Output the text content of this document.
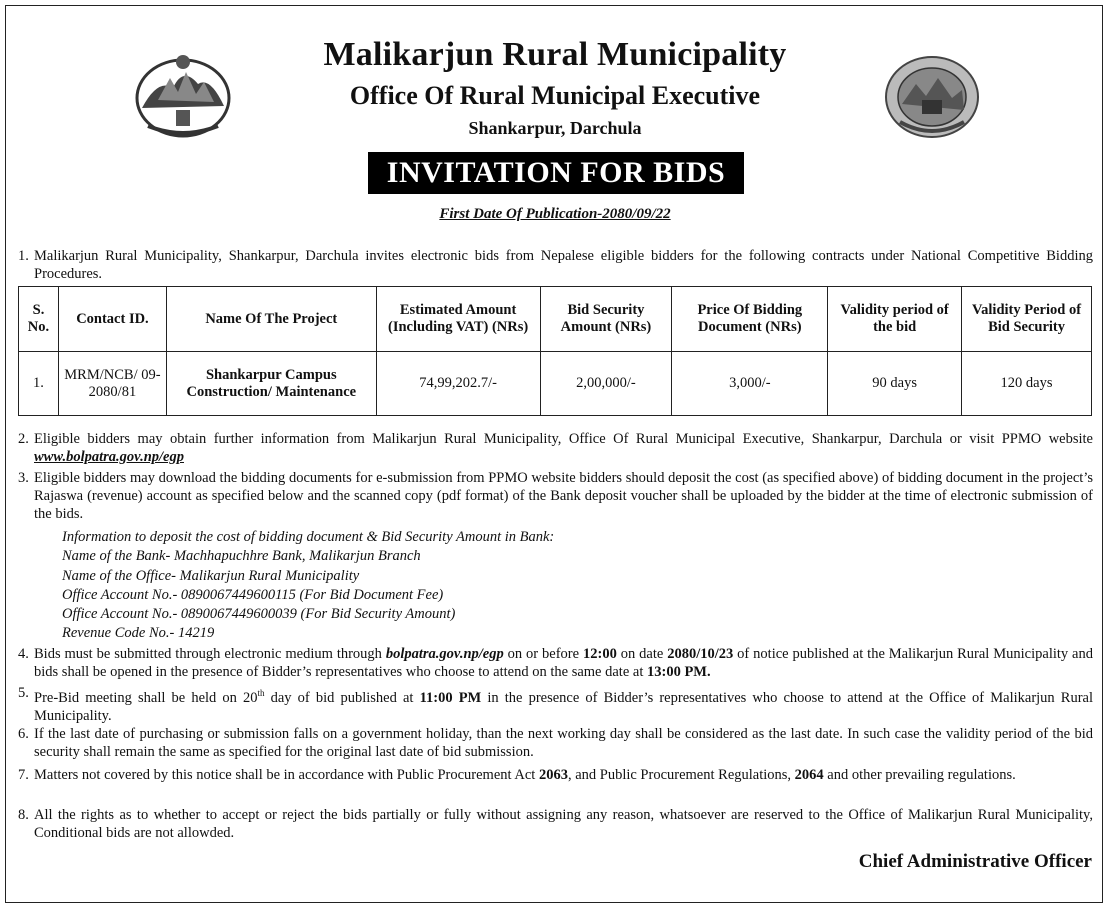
Malikarjun Rural Municipality
Office Of Rural Municipal Executive
Shankarpur, Darchula
INVITATION FOR BIDS
First Date Of Publication-2080/09/22
1. Malikarjun Rural Municipality, Shankarpur, Darchula invites electronic bids from Nepalese eligible bidders for the following contracts under National Competitive Bidding Procedures.
S. No.	Contact ID.	Name Of The Project	Estimated Amount (Including VAT) (NRs)	Bid Security Amount (NRs)	Price Of Bidding Document (NRs)	Validity period of the bid	Validity Period of Bid Security
1.	MRM/NCB/ 09-2080/81	Shankarpur Campus Construction/ Maintenance	74,99,202.7/-	2,00,000/-	3,000/-	90 days	120 days
2. Eligible bidders may obtain further information from Malikarjun Rural Municipality, Office Of Rural Municipal Executive, Shankarpur, Darchula or visit PPMO website www.bolpatra.gov.np/egp
3. Eligible bidders may download the bidding documents for e-submission from PPMO website bidders should deposit the cost (as specified above) of bidding document in the project’s Rajaswa (revenue) account as specified below and the scanned copy (pdf format) of the Bank deposit voucher shall be uploaded by the bidder at the time of electronic submission of the bids.
Information to deposit the cost of bidding document & Bid Security Amount in Bank:
Name of the Bank- Machhapuchhre Bank, Malikarjun Branch
Name of the Office- Malikarjun Rural Municipality
Office Account No.- 0890067449600115 (For Bid Document Fee)
Office Account No.- 0890067449600039 (For Bid Security Amount)
Revenue Code No.- 14219
4. Bids must be submitted through electronic medium through bolpatra.gov.np/egp on or before 12:00 on date 2080/10/23 of notice published at the Malikarjun Rural Municipality and bids shall be opened in the presence of Bidder’s representatives who choose to attend on the same date at 13:00 PM.
5. Pre-Bid meeting shall be held on 20th day of bid published at 11:00 PM in the presence of Bidder’s representatives who choose to attend at the Office of Malikarjun Rural Municipality.
6. If the last date of purchasing or submission falls on a government holiday, than the next working day shall be considered as the last date. In such case the validity period of the bid security shall remain the same as specified for the original last date of bid submission.
7. Matters not covered by this notice shall be in accordance with Public Procurement Act 2063, and Public Procurement Regulations, 2064 and other prevailing regulations.
8. All the rights as to whether to accept or reject the bids partially or fully without assigning any reason, whatsoever are reserved to the Office of Malikarjun Rural Municipality, Conditional bids are not allowded.
Chief Administrative Officer
